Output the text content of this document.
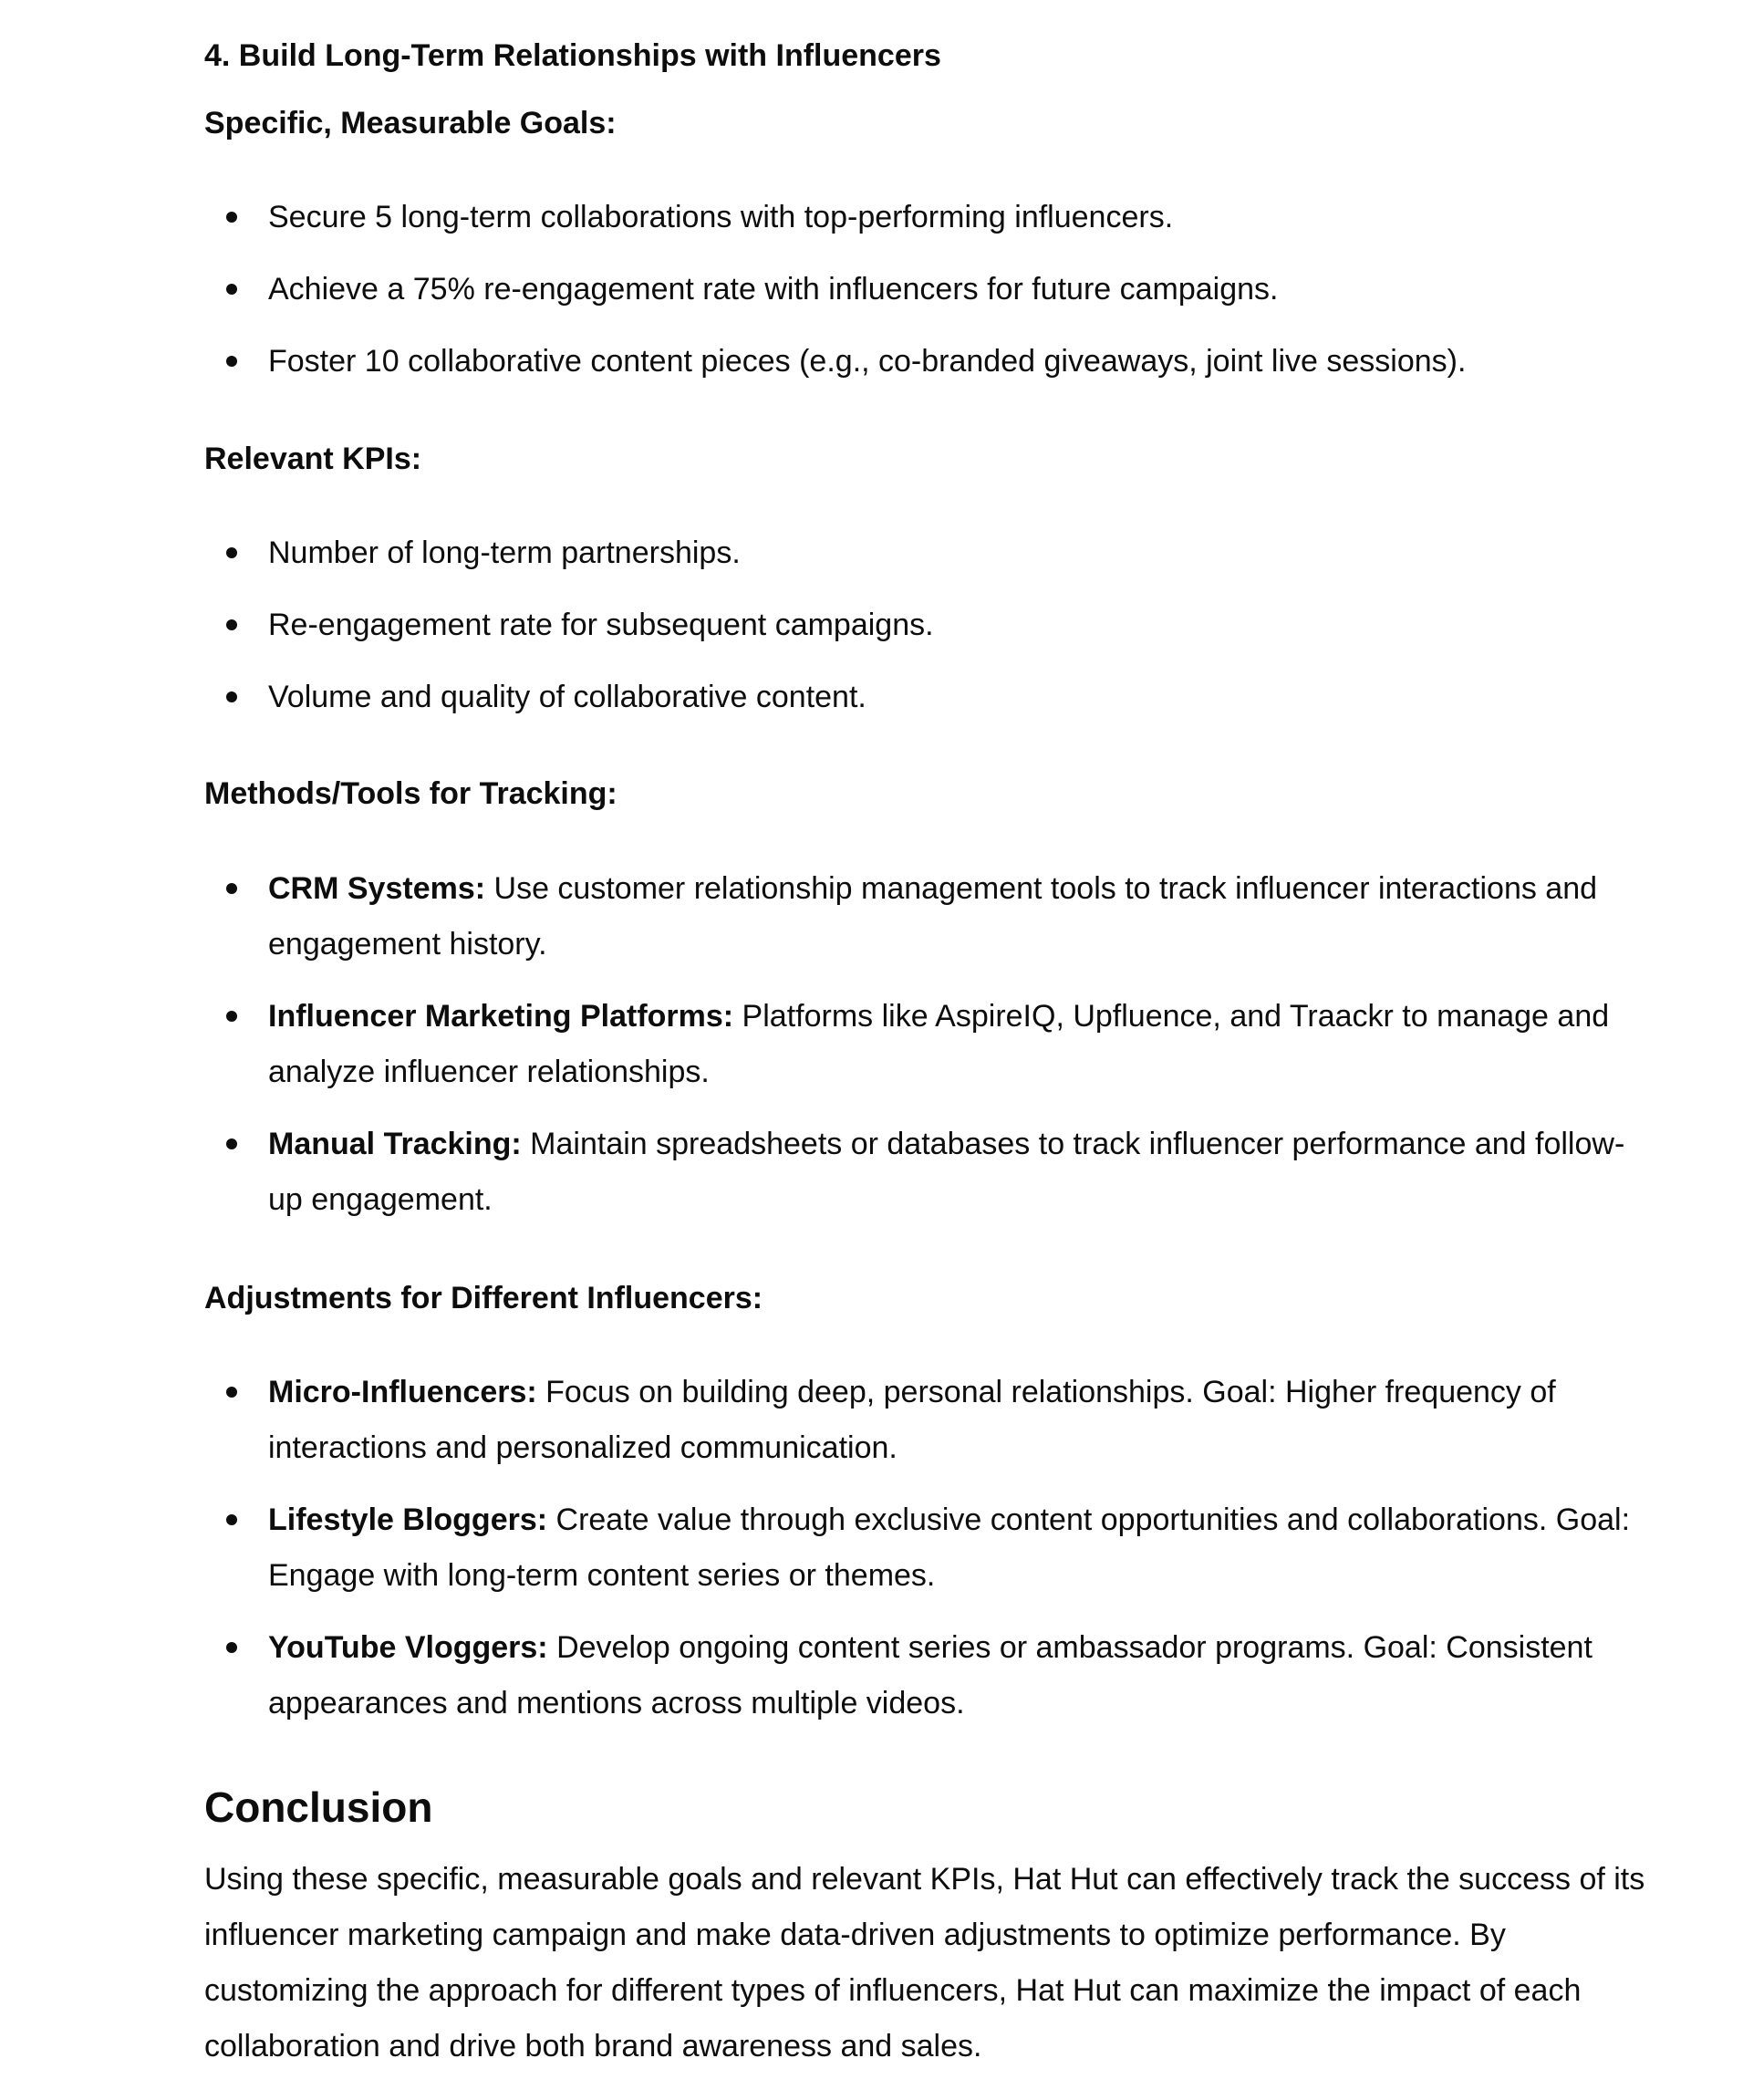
4. Build Long-Term Relationships with Influencers
Specific, Measurable Goals:
Secure 5 long-term collaborations with top-performing influencers.
Achieve a 75% re-engagement rate with influencers for future campaigns.
Foster 10 collaborative content pieces (e.g., co-branded giveaways, joint live sessions).
Relevant KPIs:
Number of long-term partnerships.
Re-engagement rate for subsequent campaigns.
Volume and quality of collaborative content.
Methods/Tools for Tracking:
CRM Systems: Use customer relationship management tools to track influencer interactions and engagement history.
Influencer Marketing Platforms: Platforms like AspireIQ, Upfluence, and Traackr to manage and analyze influencer relationships.
Manual Tracking: Maintain spreadsheets or databases to track influencer performance and follow-up engagement.
Adjustments for Different Influencers:
Micro-Influencers: Focus on building deep, personal relationships. Goal: Higher frequency of interactions and personalized communication.
Lifestyle Bloggers: Create value through exclusive content opportunities and collaborations. Goal: Engage with long-term content series or themes.
YouTube Vloggers: Develop ongoing content series or ambassador programs. Goal: Consistent appearances and mentions across multiple videos.
Conclusion

Using these specific, measurable goals and relevant KPIs, Hat Hut can effectively track the success of its influencer marketing campaign and make data-driven adjustments to optimize performance. By customizing the approach for different types of influencers, Hat Hut can maximize the impact of each collaboration and drive both brand awareness and sales.
